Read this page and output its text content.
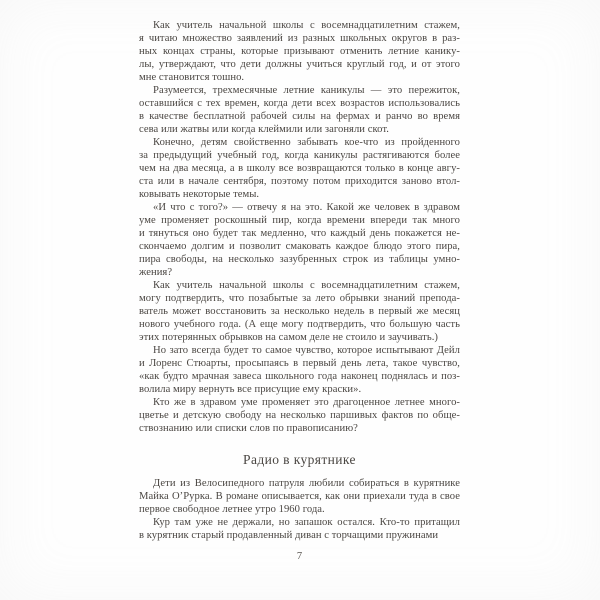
Как учитель начальной школы с восемнадцатилетним стажем,
я читаю множество заявлений из разных школьных округов в раз-
ных концах страны, которые призывают отменить летние канику-
лы, утверждают, что дети должны учиться круглый год, и от этого
мне становится тошно.

Разумеется, трехмесячные летние каникулы — это пережиток,
оставшийся с тех времен, когда дети всех возрастов использовались
в качестве бесплатной рабочей силы на фермах и ранчо во время
сева или жатвы или когда клеймили или загоняли скот.

Конечно, детям свойственно забывать кое-что из пройденного
за предыдущий учебный год, когда каникулы растягиваются более
чем на два месяца, а в школу все возвращаются только в конце авгу-
ста или в начале сентября, поэтому потом приходится заново втол-
ковывать некоторые темы.

«И что с того?» — отвечу я на это. Какой же человек в здравом
уме променяет роскошный пир, когда времени впереди так много
и тянуться оно будет так медленно, что каждый день покажется не-
скончаемо долгим и позволит смаковать каждое блюдо этого пира,
пира свободы, на несколько зазубренных строк из таблицы умно-
жения?

Как учитель начальной школы с восемнадцатилетним стажем,
могу подтвердить, что позабытые за лето обрывки знаний препода-
ватель может восстановить за несколько недель в первый же месяц
нового учебного года. (А еще могу подтвердить, что большую часть
этих потерянных обрывков на самом деле не стоило и заучивать.)

Но зато всегда будет то самое чувство, которое испытывают Дейл
и Лоренс Стюарты, просыпаясь в первый день лета, такое чувство,
«как будто мрачная завеса школьного года наконец поднялась и поз-
волила миру вернуть все присущие ему краски».

Кто же в здравом уме променяет это драгоценное летнее много-
цветье и детскую свободу на несколько паршивых фактов по обще-
ствознанию или списки слов по правописанию?

Радио в курятнике

Дети из Велосипедного патруля любили собираться в курятнике
Майка О’Рурка. В романе описывается, как они приехали туда в свое
первое свободное летнее утро 1960 года.

Кур там уже не держали, но запашок остался. Кто-то притащил
в курятник старый продавленный диван с торчащими пружинами

7
